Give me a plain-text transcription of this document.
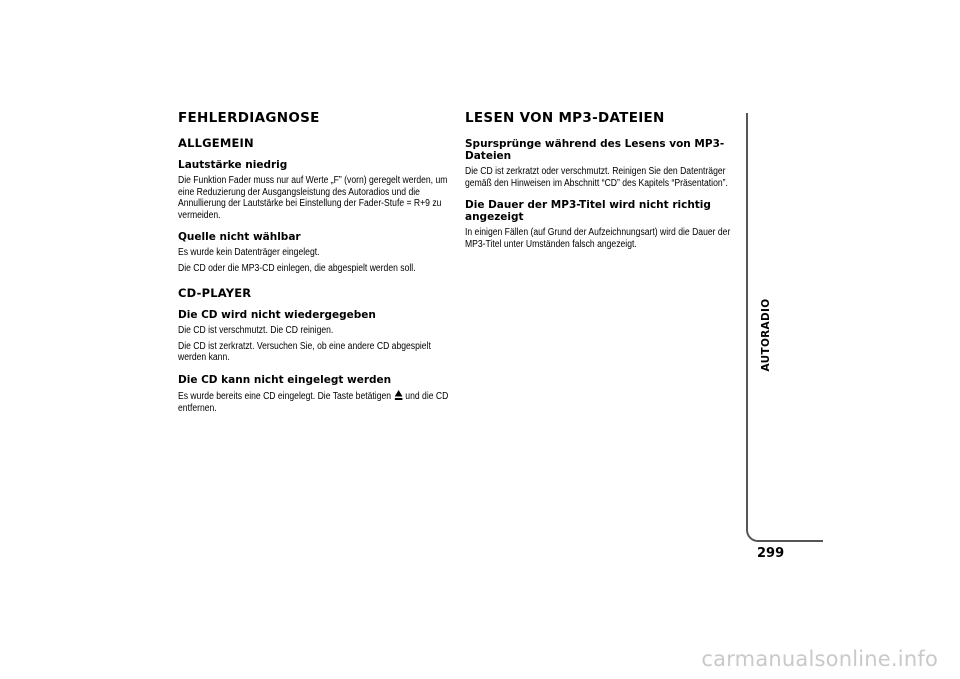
FEHLERDIAGNOSE
ALLGEMEIN
Lautstärke niedrig
Die Funktion Fader muss nur auf Werte „F” (vorn) geregelt werden, um eine Reduzierung der Ausgangsleistung des Autoradios und die Annullierung der Lautstärke bei Einstellung der Fader-Stufe = R+9 zu vermeiden.
Quelle nicht wählbar
Es wurde kein Datenträger eingelegt.
Die CD oder die MP3-CD einlegen, die abgespielt werden soll.
CD-PLAYER
Die CD wird nicht wiedergegeben
Die CD ist verschmutzt. Die CD reinigen.
Die CD ist zerkratzt. Versuchen Sie, ob eine andere CD abgespielt werden kann.
Die CD kann nicht eingelegt werden
Es wurde bereits eine CD eingelegt. Die Taste betätigen und die CD entfernen.
LESEN VON MP3-DATEIEN
Spursprünge während des Lesens von MP3-Dateien
Die CD ist zerkratzt oder verschmutzt. Reinigen Sie den Datenträger gemäß den Hinweisen im Abschnitt “CD” des Kapitels “Präsentation”.
Die Dauer der MP3-Titel wird nicht richtig angezeigt
In einigen Fällen (auf Grund der Aufzeichnungsart) wird die Dauer der MP3-Titel unter Umständen falsch angezeigt.
AUTORADIO
299
carmanualsonline.info
